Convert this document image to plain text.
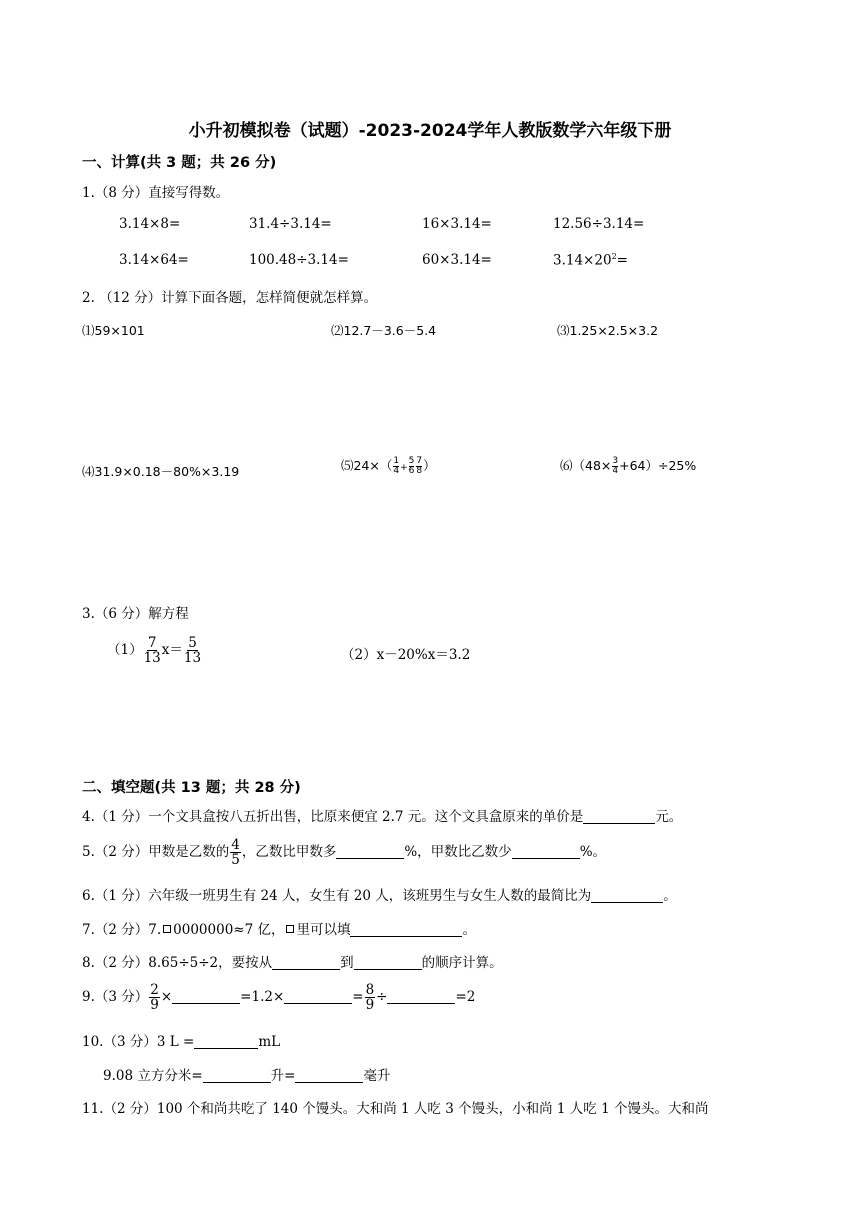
小升初模拟卷（试题）-2023-2024学年人教版数学六年级下册
一、计算(共 3 题；共 26 分)
1.（8 分）直接写得数。
3.14×8=	31.4÷3.14=	16×3.14=	12.56÷3.14=
3.14×64=	100.48÷3.14=	60×3.14=	$3.14\times 20^2=$
2. （12 分）计算下面各题，怎样简便就怎样算。
⑴59×101	⑵12.7－3.6－5.4	⑶1.25×2.5×3.2
⑷31.9×0.18－80%×3.19	⑸24×（ $\frac{1}{4} + \frac{5}{6} \frac{7}{8}$ ）	⑹（48× $\frac{3}{4} +64)\div 25\%$
3.（6 分）解方程
$(1) \frac{7}{13} x= \frac{5}{13}$	（2）x－20%x＝3.2
二、填空题(共 13 题；共 28 分)
4.（1 分）一个文具盒按八五折出售，比原来便宜 2.7 元。这个文具盒原来的单价是	元。
5.（2 分）甲数是乙数的 $\frac{4}{5}$ ，乙数比甲数多	%，甲数比乙数少	%。
6.（1 分）六年级一班男生有 24 人，女生有 20 人，该班男生与女生人数的最简比为	。
7.（2 分）7. 0000000≈7 亿， 里可以填	。
8.（2 分）8.65÷5÷2，要按从	到	的顺序计算。
9.（3 分） $\frac{2}{9}$ ×	=1.2×	= $\frac{8}{9}$ ÷	=2
10.（3 分）3 L =	mL
9.08 立方分米=	升=	毫升
11.（2 分）100 个和尚共吃了 140 个馒头。大和尚 1 人吃 3 个馒头，小和尚 1 人吃 1 个馒头。大和尚
